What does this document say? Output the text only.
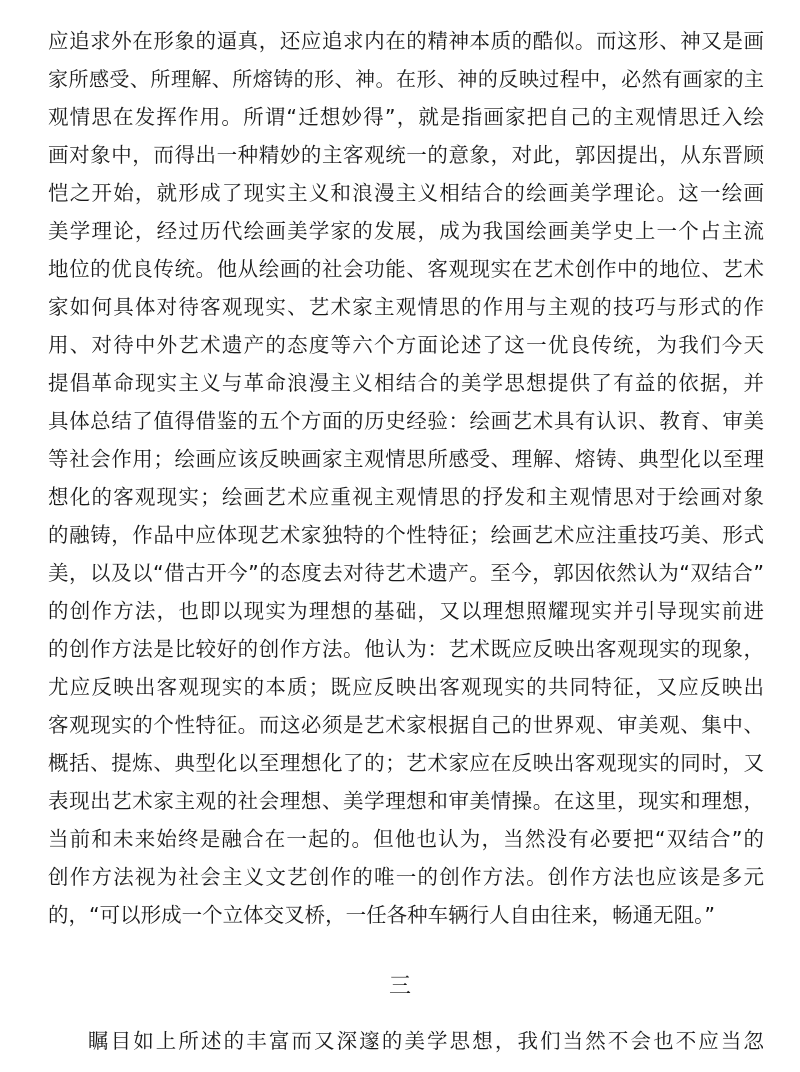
应追求外在形象的逼真，还应追求内在的精神本质的酷似。而这形、神又是画
家所感受、所理解、所熔铸的形、神。在形、神的反映过程中，必然有画家的主
观情思在发挥作用。所谓“迁想妙得”，就是指画家把自己的主观情思迁入绘
画对象中，而得出一种精妙的主客观统一的意象，对此，郭因提出，从东晋顾
恺之开始，就形成了现实主义和浪漫主义相结合的绘画美学理论。这一绘画
美学理论，经过历代绘画美学家的发展，成为我国绘画美学史上一个占主流
地位的优良传统。他从绘画的社会功能、客观现实在艺术创作中的地位、艺术
家如何具体对待客观现实、艺术家主观情思的作用与主观的技巧与形式的作
用、对待中外艺术遗产的态度等六个方面论述了这一优良传统，为我们今天
提倡革命现实主义与革命浪漫主义相结合的美学思想提供了有益的依据，并
具体总结了值得借鉴的五个方面的历史经验：绘画艺术具有认识、教育、审美
等社会作用；绘画应该反映画家主观情思所感受、理解、熔铸、典型化以至理
想化的客观现实；绘画艺术应重视主观情思的抒发和主观情思对于绘画对象
的融铸，作品中应体现艺术家独特的个性特征；绘画艺术应注重技巧美、形式
美，以及以“借古开今”的态度去对待艺术遗产。至今，郭因依然认为“双结合”
的创作方法，也即以现实为理想的基础，又以理想照耀现实并引导现实前进
的创作方法是比较好的创作方法。他认为：艺术既应反映出客观现实的现象，
尤应反映出客观现实的本质；既应反映出客观现实的共同特征，又应反映出
客观现实的个性特征。而这必须是艺术家根据自己的世界观、审美观、集中、
概括、提炼、典型化以至理想化了的；艺术家应在反映出客观现实的同时，又
表现出艺术家主观的社会理想、美学理想和审美情操。在这里，现实和理想，
当前和未来始终是融合在一起的。但他也认为，当然没有必要把“双结合”的
创作方法视为社会主义文艺创作的唯一的创作方法。创作方法也应该是多元
的，“可以形成一个立体交叉桥，一任各种车辆行人自由往来，畅通无阻。”
三
瞩目如上所述的丰富而又深邃的美学思想，我们当然不会也不应当忽
